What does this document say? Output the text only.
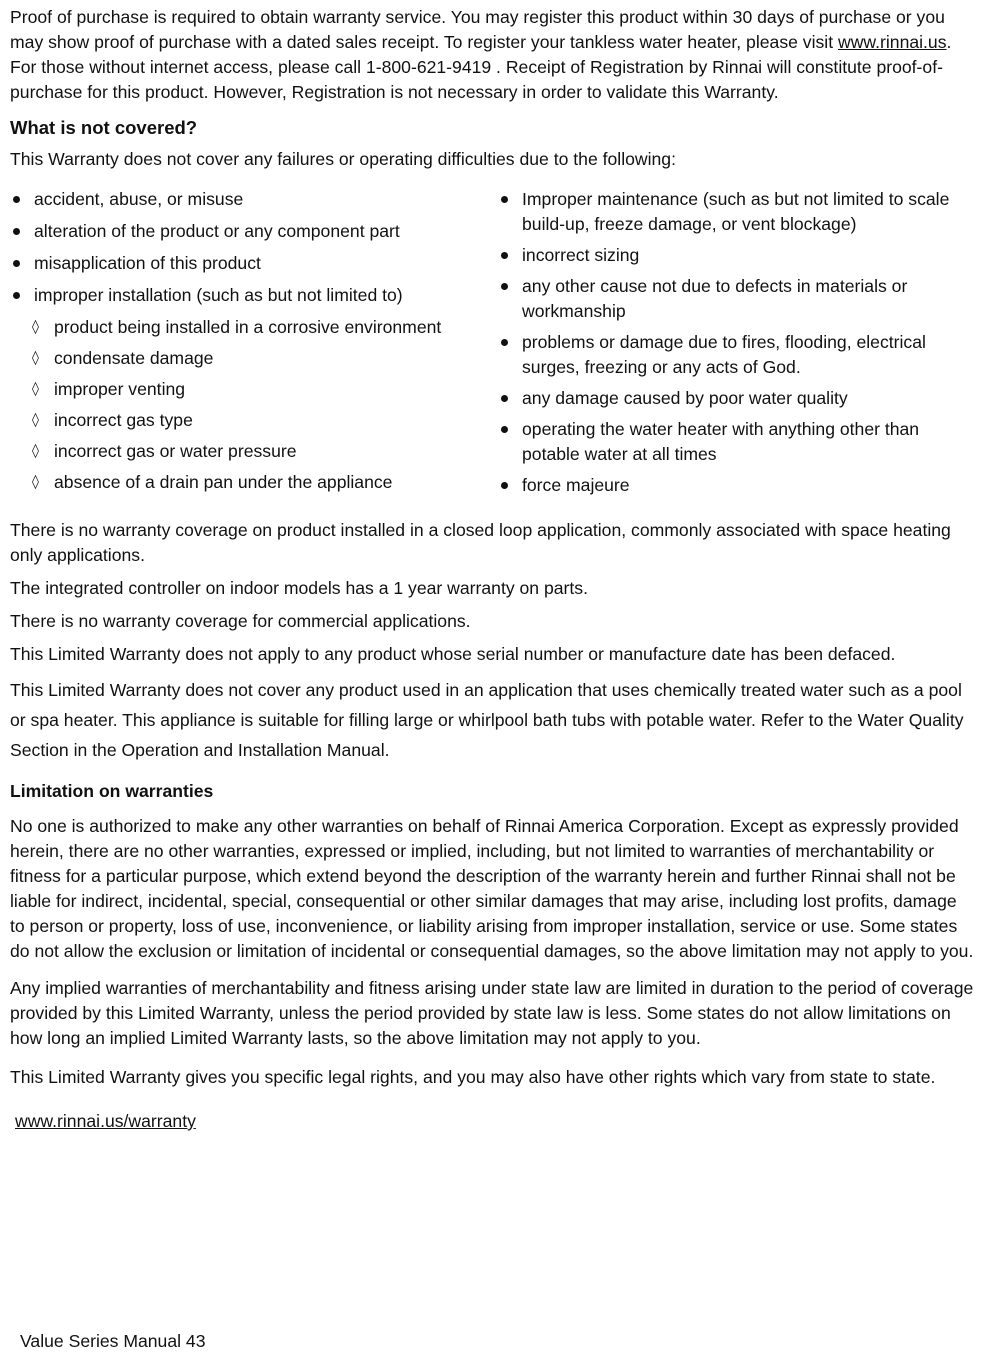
Proof of purchase is required to obtain warranty service. You may register this product within 30 days of purchase or you may show proof of purchase with a dated sales receipt. To register your tankless water heater, please visit www.rinnai.us. For those without internet access, please call 1-800-621-9419 . Receipt of Registration by Rinnai will constitute proof-of-purchase for this product. However, Registration is not necessary in order to validate this Warranty.

What is not covered?

This Warranty does not cover any failures or operating difficulties due to the following:

accident, abuse, or misuse
alteration of the product or any component part
misapplication of this product
improper installation (such as but not limited to)
◊ product being installed in a corrosive environment
◊ condensate damage
◊ improper venting
◊ incorrect gas type
◊ incorrect gas or water pressure
◊ absence of a drain pan under the appliance
Improper maintenance (such as but not limited to scale build-up, freeze damage, or vent blockage)
incorrect sizing
any other cause not due to defects in materials or workmanship
problems or damage due to fires, flooding, electrical surges, freezing or any acts of God.
any damage caused by poor water quality
operating the water heater with anything other than potable water at all times
force majeure

There is no warranty coverage on product installed in a closed loop application, commonly associated with space heating only applications.

The integrated controller on indoor models has a 1 year warranty on parts.

There is no warranty coverage for commercial applications.

This Limited Warranty does not apply to any product whose serial number or manufacture date has been defaced.

This Limited Warranty does not cover any product used in an application that uses chemically treated water such as a pool or spa heater. This appliance is suitable for filling large or whirlpool bath tubs with potable water. Refer to the Water Quality Section in the Operation and Installation Manual.

Limitation on warranties

No one is authorized to make any other warranties on behalf of Rinnai America Corporation. Except as expressly provided herein, there are no other warranties, expressed or implied, including, but not limited to warranties of merchantability or fitness for a particular purpose, which extend beyond the description of the warranty herein and further Rinnai shall not be liable for indirect, incidental, special, consequential or other similar damages that may arise, including lost profits, damage to person or property, loss of use, inconvenience, or liability arising from improper installation, service or use. Some states do not allow the exclusion or limitation of incidental or consequential damages, so the above limitation may not apply to you.

Any implied warranties of merchantability and fitness arising under state law are limited in duration to the period of coverage provided by this Limited Warranty, unless the period provided by state law is less. Some states do not allow limitations on how long an implied Limited Warranty lasts, so the above limitation may not apply to you.

This Limited Warranty gives you specific legal rights, and you may also have other rights which vary from state to state.

www.rinnai.us/warranty
Value Series Manual 43
